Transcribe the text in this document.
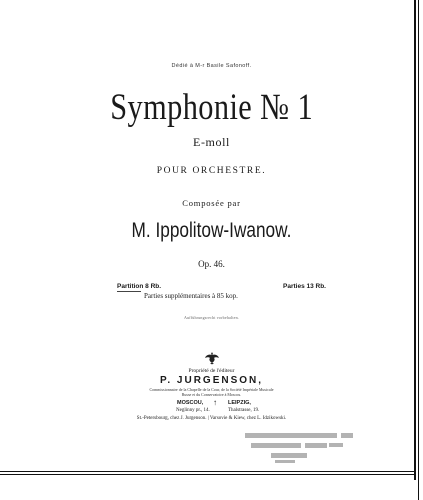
Dédié à M-r Basile Safonoff.
Symphonie № 1
E-moll
POUR ORCHESTRE.
Composée par
M. Ippolitow-Iwanow.
Op. 46.
Partition 8 Rb.	Parties 13 Rb.
Parties supplémentaires à 85 kop.
Aufführungsrecht vorbehalten.
Propriété de l'éditeur
P. JURGENSON,
Commissionnaire de la Chapelle de la Cour, de la Société Impériale Musicale
Russe et du Conservatoire à Moscou.
MOSCOU, ↑ LEIPZIG,
Neglinny pr., 14.	Thalstrasse, 19.
St.-Petersbourg, chez J. Jurgenson. | Varsovie & Kiew, chez L. Idzikowski.
